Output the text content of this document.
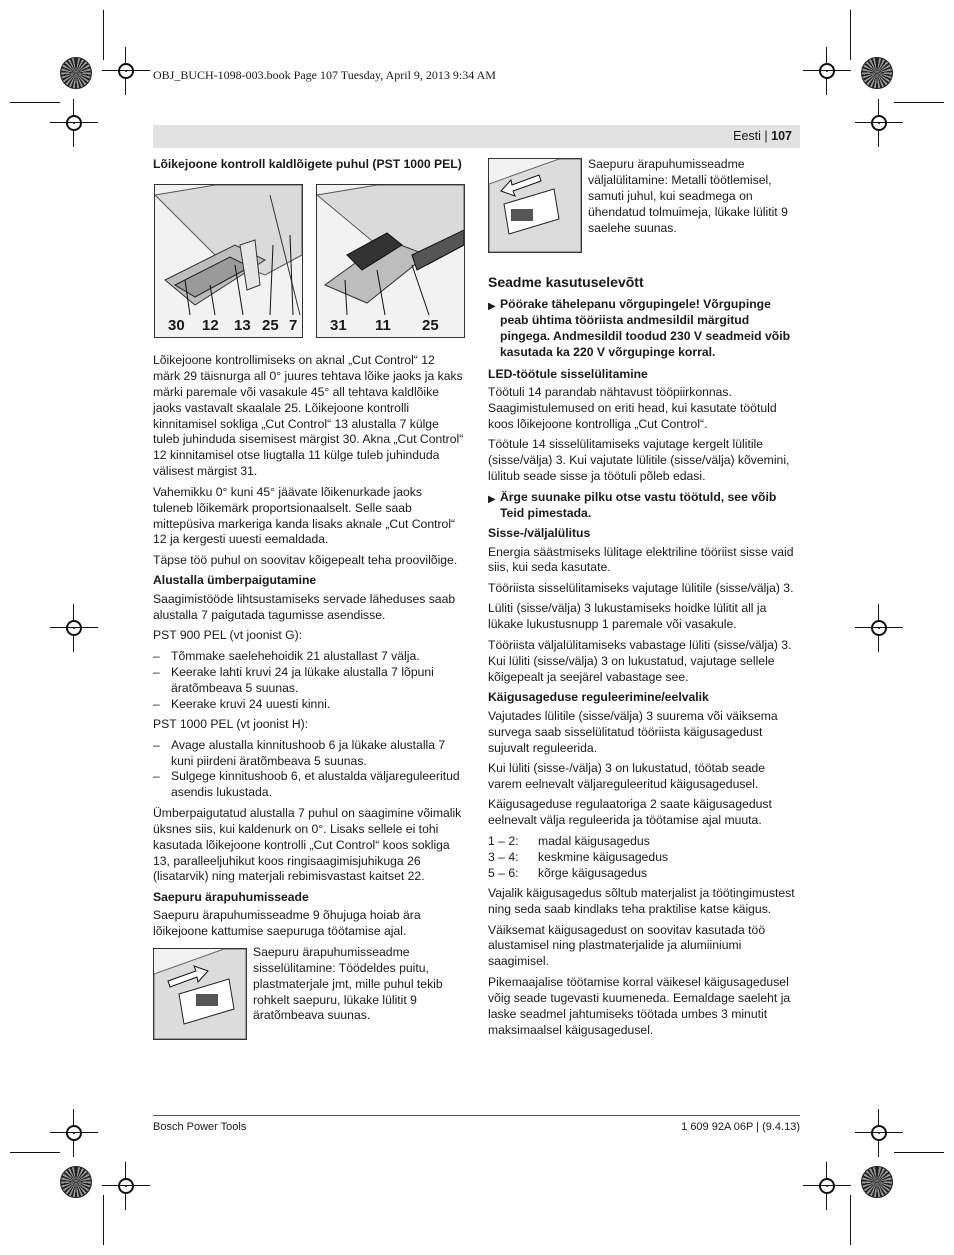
OBJ_BUCH-1098-003.book Page 107 Tuesday, April 9, 2013 9:34 AM
Eesti | 107
Lõikejoone kontroll kaldlõigete puhul (PST 1000 PEL)
30 12 13 25 7 31 11 25

Lõikejoone kontrollimiseks on aknal „Cut Control“ 12 märk 29 täisnurga all 0° juures tehtava lõike jaoks ja kaks märki paremale või vasakule 45° all tehtava kaldlõike jaoks vastavalt skaalale 25. Lõikejoone kontrolli kinnitamisel sokliga „Cut Control“ 13 alustalla 7 külge tuleb juhinduda sisemisest märgist 30. Akna „Cut Control“ 12 kinnitamisel otse liugtalla 11 külge tuleb juhinduda välisest märgist 31.

Vahemikku 0° kuni 45° jäävate lõikenurkade jaoks tuleneb lõikemärk proportsionaalselt. Selle saab mittepüsiva markeriga kanda lisaks aknale „Cut Control“ 12 ja kergesti uuesti eemaldada.

Täpse töö puhul on soovitav kõigepealt teha proovilõige.

Alustalla ümberpaigutamine

Saagimistööde lihtsustamiseks servade läheduses saab alustalla 7 paigutada tagumisse asendisse.

PST 900 PEL (vt joonist G):

– Tõmmake saelehehoidik 21 alustallast 7 välja.
– Keerake lahti kruvi 24 ja lükake alustalla 7 lõpuni äratõmbeava 5 suunas.
– Keerake kruvi 24 uuesti kinni.

PST 1000 PEL (vt joonist H):

– Avage alustalla kinnitushoob 6 ja lükake alustalla 7 kuni piirdeni äratõmbeava 5 suunas.
– Sulgege kinnitushoob 6, et alustalda väljareguleeritud asendis lukustada.

Ümberpaigutatud alustalla 7 puhul on saagimine võimalik üksnes siis, kui kaldenurk on 0°. Lisaks sellele ei tohi kasutada lõikejoone kontrolli „Cut Control“ koos sokliga 13, paralleeljuhikut koos ringisaagimisjuhikuga 26 (lisatarvik) ning materjali rebimisvastast kaitset 22.

Saepuru ärapuhumisseade

Saepuru ärapuhumisseadme 9 õhujuga hoiab ära lõikejoone kattumise saepuruga töötamise ajal.

Saepuru ärapuhumisseadme sisselülitamine: Töödeldes puitu, plastmaterjale jmt, mille puhul tekib rohkelt saepuru, lükake lülitit 9 äratõmbeava suunas.

Saepuru ärapuhumisseadme väljalülitamine: Metalli töötlemisel, samuti juhul, kui seadmega on ühendatud tolmuimeja, lükake lülitit 9 saelehe suunas.

Seadme kasutuselevõtt
▶ Pöörake tähelepanu võrgupingele! Võrgupinge peab ühtima tööriista andmesildil märgitud pingega. Andmesildil toodud 230 V seadmeid võib kasutada ka 220 V võrgupinge korral.
LED-töötule sisselülitamine

Töötuli 14 parandab nähtavust tööpiirkonnas. Saagimistulemused on eriti head, kui kasutate töötuld koos lõikejoone kontrolliga „Cut Control“.

Töötule 14 sisselülitamiseks vajutage kergelt lülitile (sisse/välja) 3. Kui vajutate lülitile (sisse/välja) kõvemini, lülitub seade sisse ja töötuli põleb edasi.

▶ Ärge suunake pilku otse vastu töötuld, see võib Teid pimestada.
Sisse-/väljalülitus

Energia säästmiseks lülitage elektriline tööriist sisse vaid siis, kui seda kasutate.

Tööriista sisselülitamiseks vajutage lülitile (sisse/välja) 3.

Lüliti (sisse/välja) 3 lukustamiseks hoidke lülitit all ja lükake lukustusnupp 1 paremale või vasakule.

Tööriista väljalülitamiseks vabastage lüliti (sisse/välja) 3. Kui lüliti (sisse/välja) 3 on lukustatud, vajutage sellele kõigepealt ja seejärel vabastage see.

Käigusageduse reguleerimine/eelvalik

Vajutades lülitile (sisse/välja) 3 suurema või väiksema survega saab sisselülitatud tööriista käigusagedust sujuvalt reguleerida.

Kui lüliti (sisse-/välja) 3 on lukustatud, töötab seade varem eelnevalt väljareguleeritud käigusagedusel.

Käigusageduse regulaatoriga 2 saate käigusagedust eelnevalt välja reguleerida ja töötamise ajal muuta.

1 – 2:	madal käigusagedus
3 – 4:	keskmine käigusagedus
5 – 6:	kõrge käigusagedus

Vajalik käigusagedus sõltub materjalist ja töötingimustest ning seda saab kindlaks teha praktilise katse käigus.

Väiksemat käigusagedust on soovitav kasutada töö alustamisel ning plastmaterjalide ja alumiiniumi saagimisel.

Pikemaajalise töötamise korral väikesel käigusagedusel võig seade tugevasti kuumeneda. Eemaldage saeleht ja laske seadmel jahtumiseks töötada umbes 3 minutit maksimaalsel käigusagedusel.

Bosch Power Tools	1 609 92A 06P | (9.4.13)
